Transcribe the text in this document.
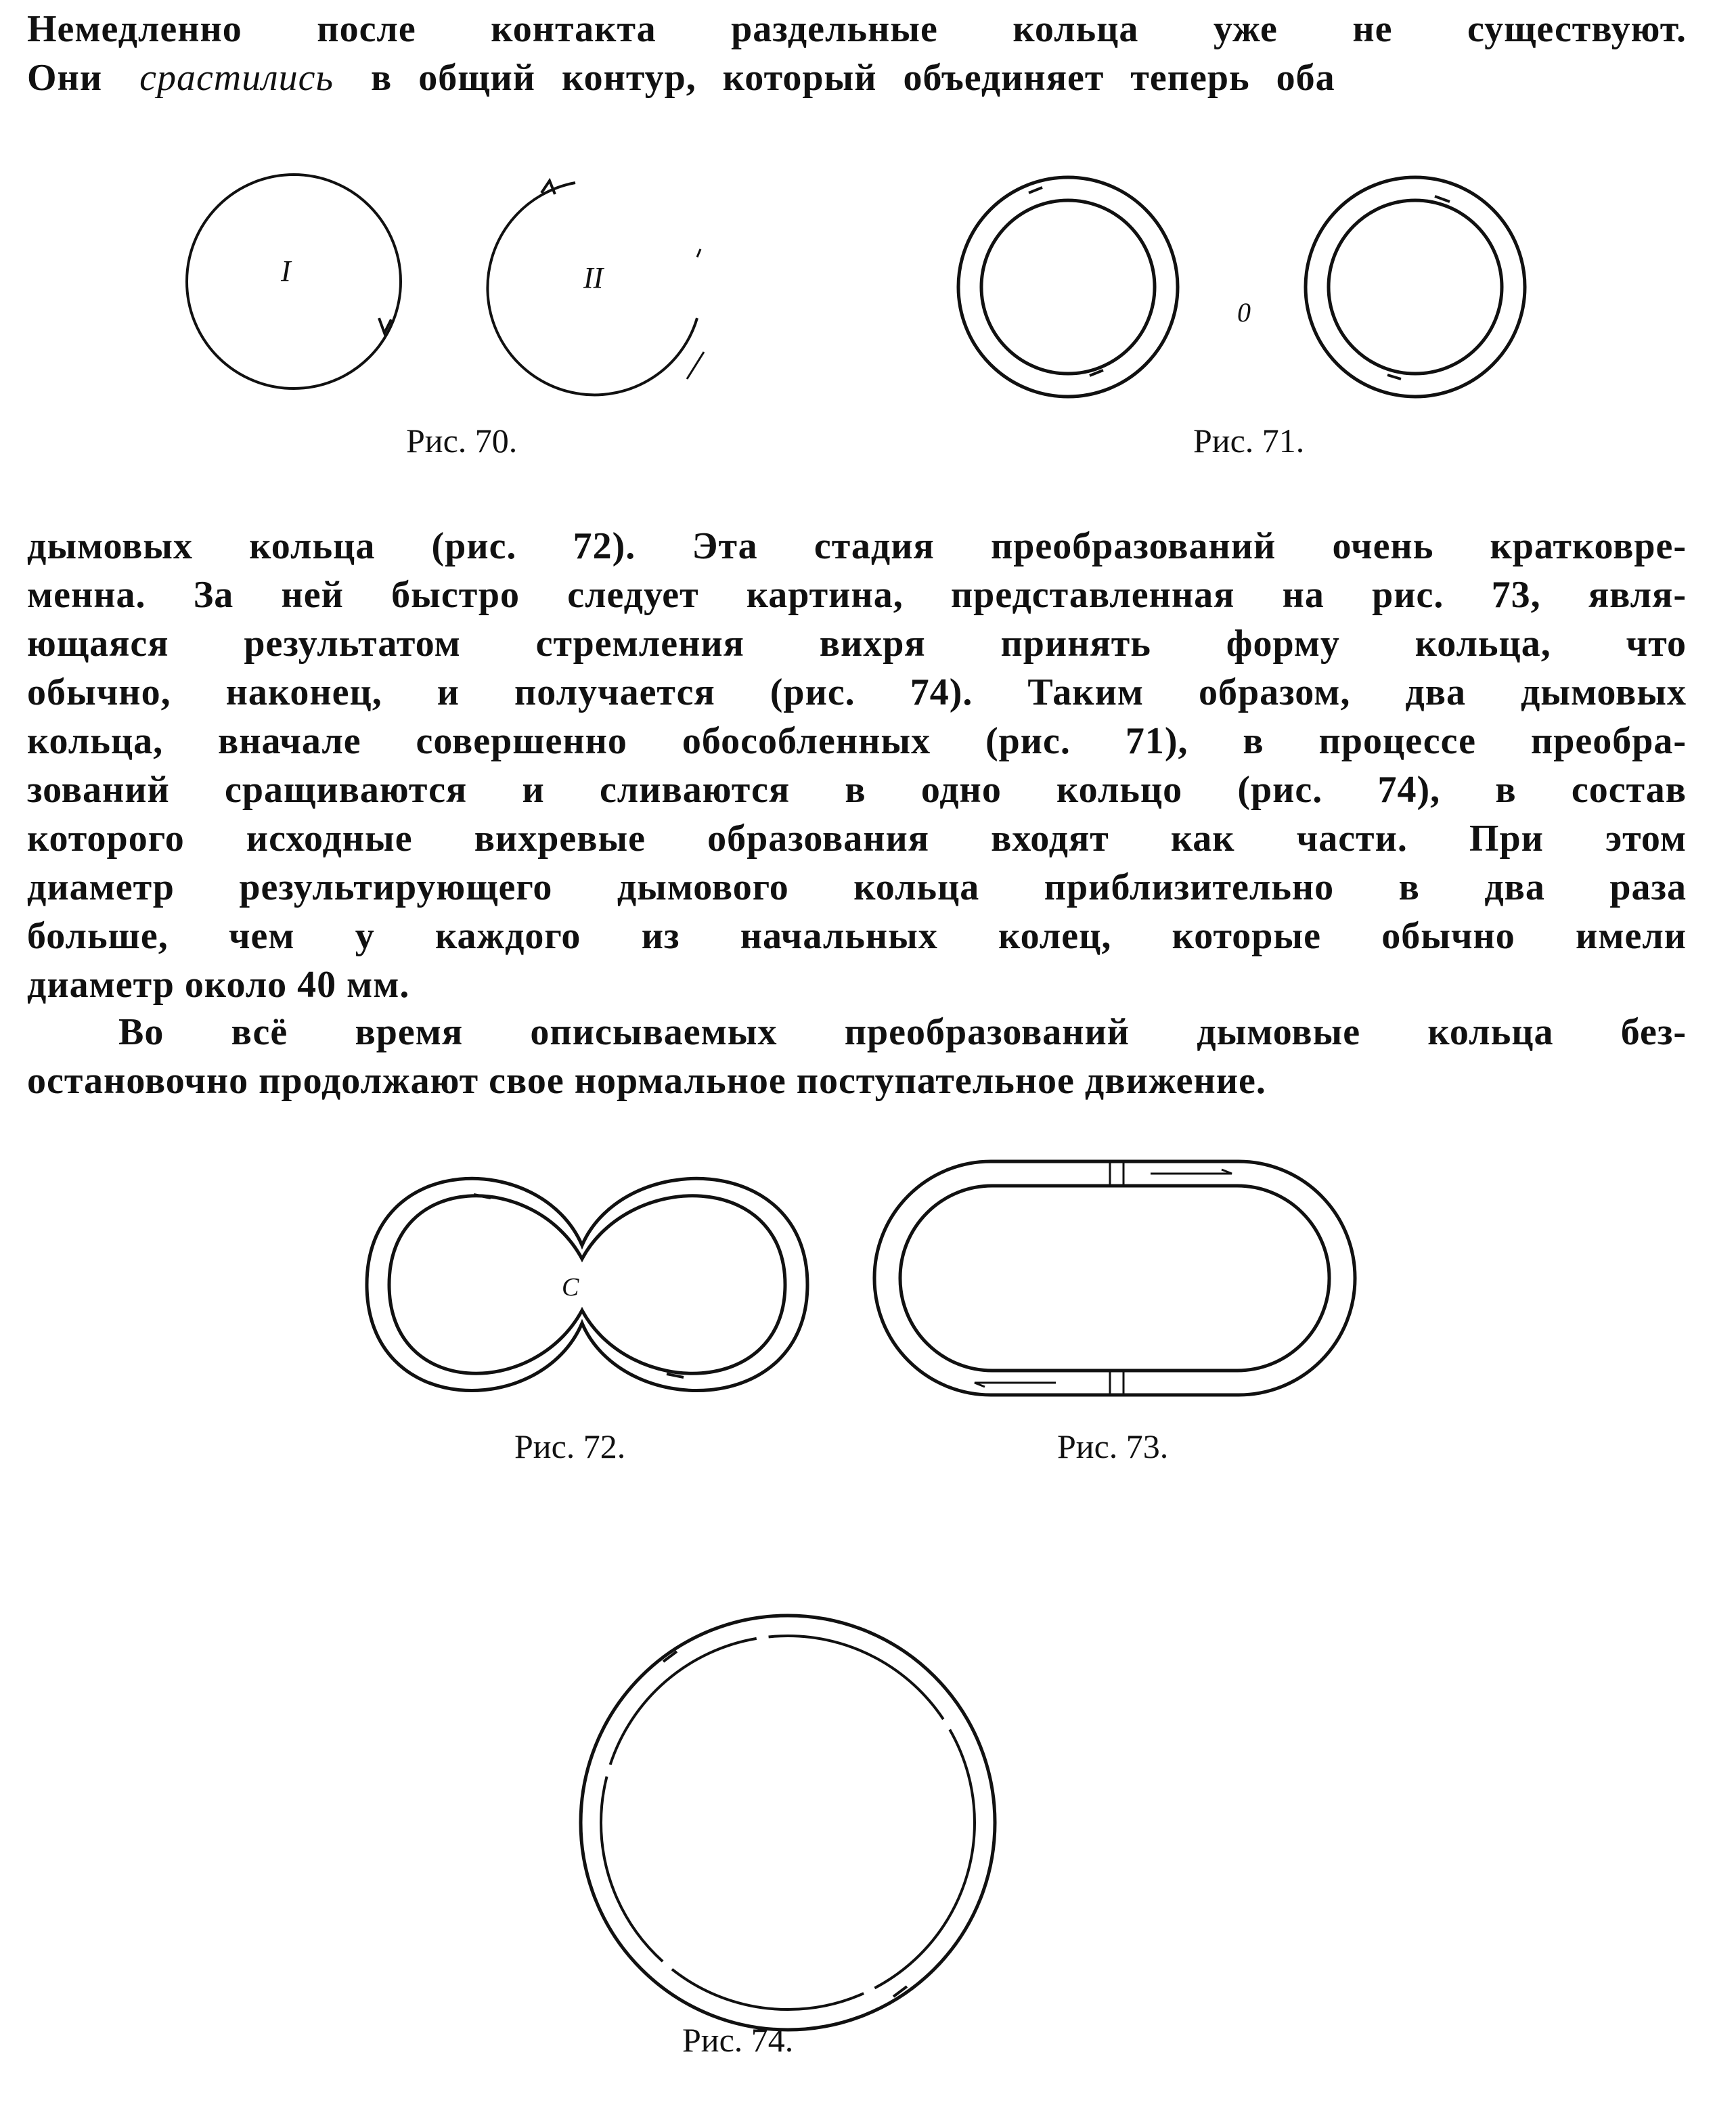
Немедленно после контакта раздельные кольца уже не существуют.
Они срастились в общий контур, который объединяет теперь оба
I	II
0
C
Рис. 70.	Рис. 71.
Рис. 72.	Рис. 73.
Рис. 74.
дымовых кольца (рис. 72). Эта стадия преобразований очень кратковре-
менна. За ней быстро следует картина, представленная на рис. 73, явля-
ющаяся результатом стремления вихря принять форму кольца, что
обычно, наконец, и получается (рис. 74). Таким образом, два дымовых
кольца, вначале совершенно обособленных (рис. 71), в процессе преобра-
зований сращиваются и сливаются в одно кольцо (рис. 74), в состав
которого исходные вихревые образования входят как части. При этом
диаметр результирующего дымового кольца приблизительно в два раза
больше, чем у каждого из начальных колец, которые обычно имели
диаметр около 40 мм.
Во всё время описываемых преобразований дымовые кольца без-
остановочно продолжают свое нормальное поступательное движение.
